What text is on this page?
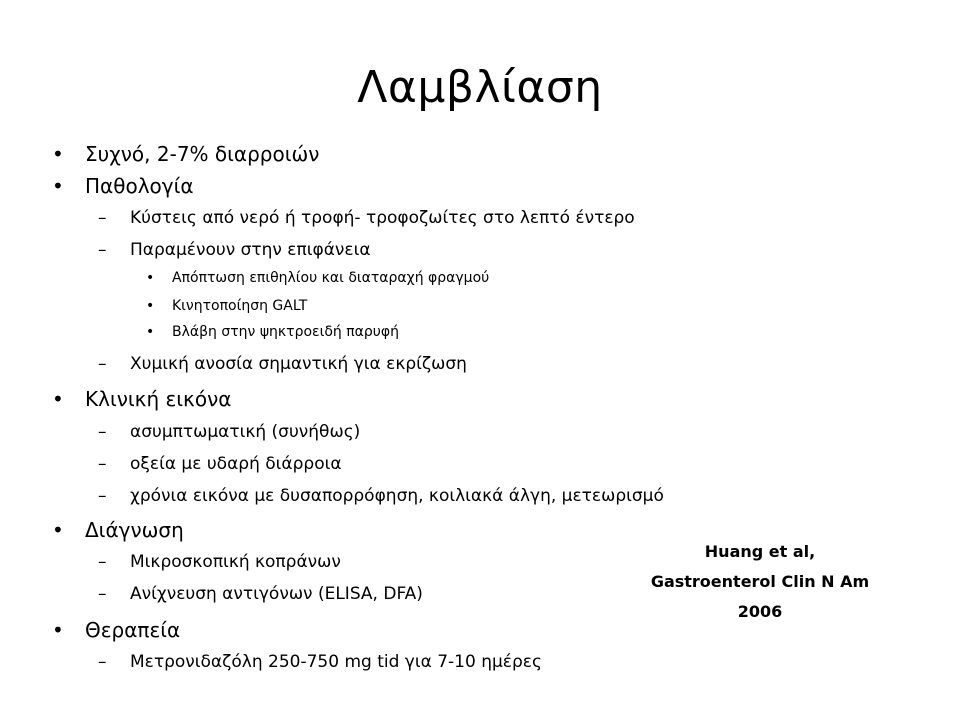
Λαμβλίαση
• Συχνό, 2-7% διαρροιών
• Παθολογία
– Κύστεις από νερό ή τροφή- τροφοζωίτες στο λεπτό έντερο
– Παραμένουν στην επιφάνεια
• Απόπτωση επιθηλίου και διαταραχή φραγμού
• Κινητοποίηση GALT
• Βλάβη στην ψηκτροειδή παρυφή
– Χυμική ανοσία σημαντική για εκρίζωση
• Κλινική εικόνα
– ασυμπτωματική (συνήθως)
– οξεία με υδαρή διάρροια
– χρόνια εικόνα με δυσαπορρόφηση, κοιλιακά άλγη, μετεωρισμό
• Διάγνωση
– Μικροσκοπική κοπράνων
– Ανίχνευση αντιγόνων (ELISA, DFA)
• Θεραπεία
– Μετρονιδαζόλη 250-750 mg tid για 7-10 ημέρες
Huang et al,
Gastroenterol Clin N Am
2006
